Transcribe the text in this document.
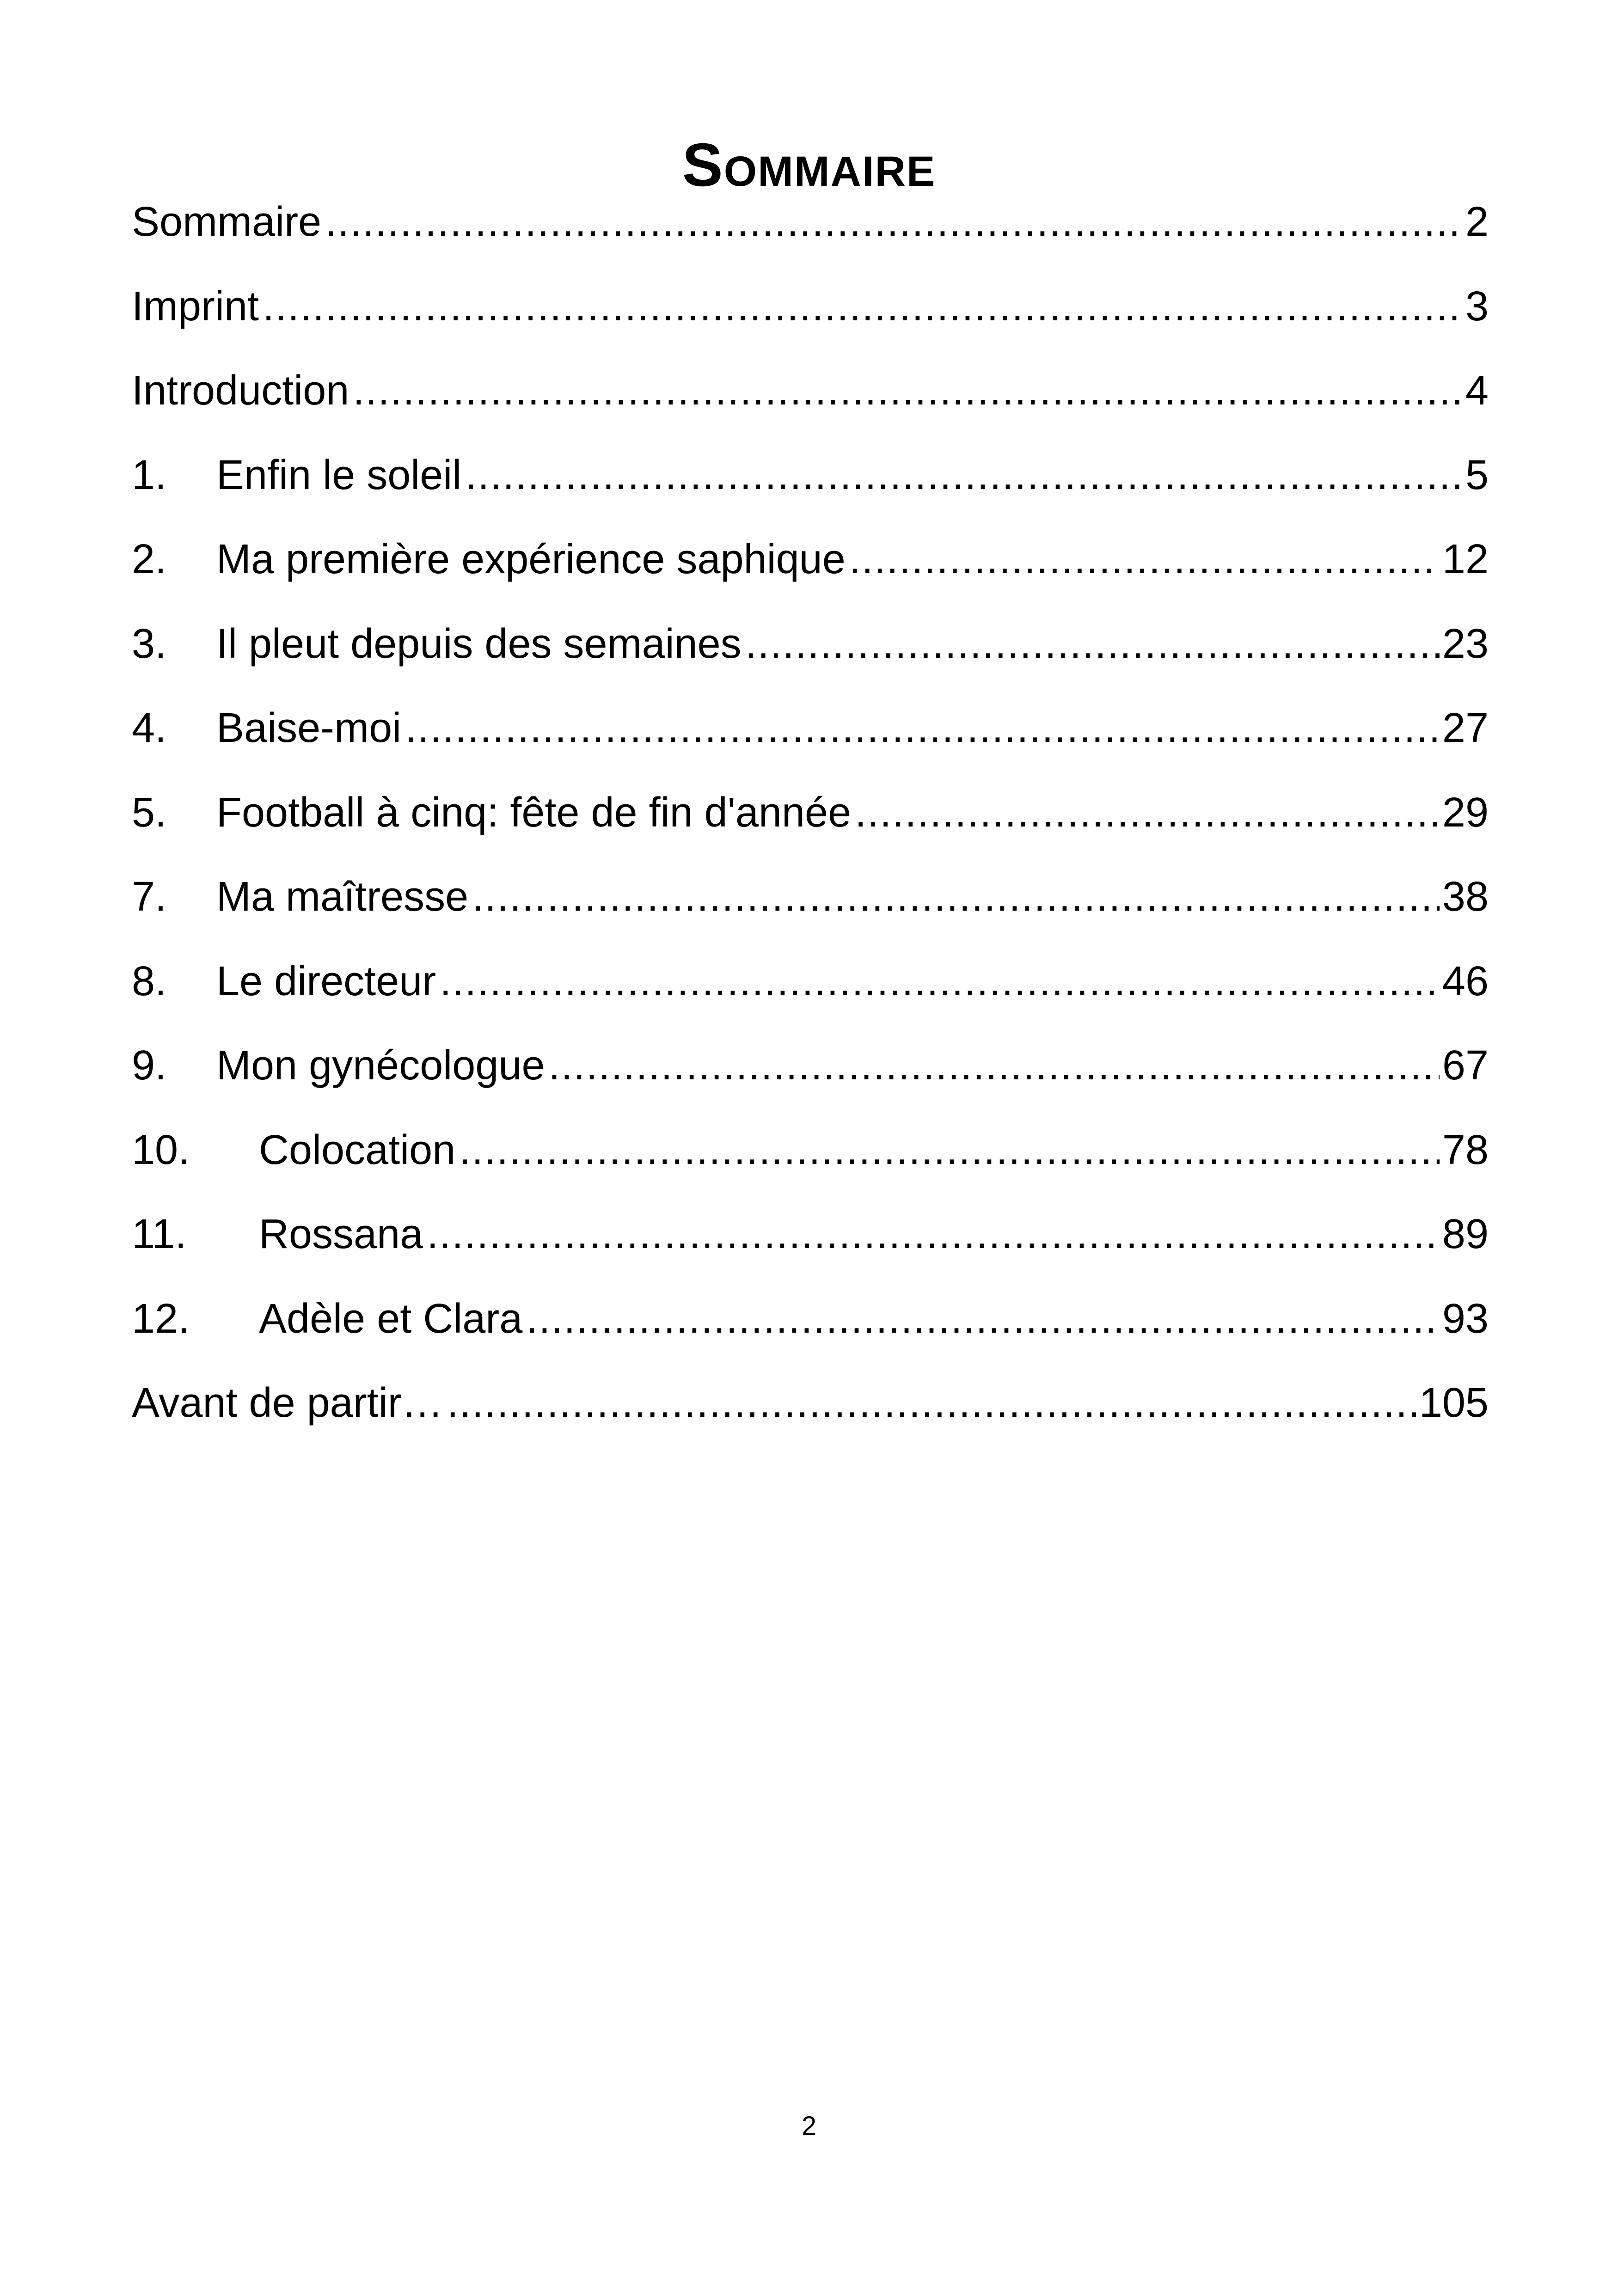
Sommaire
Sommaire .....	2
Imprint .....	3
Introduction .....	4
1.	Enfin le soleil .....	5
2.	Ma première expérience saphique .....	12
3.	Il pleut depuis des semaines .....	23
4.	Baise-moi .....	27
5.	Football à cinq: fête de fin d'année .....	29
7.	Ma maîtresse .....	38
8.	Le directeur .....	46
9.	Mon gynécologue .....	67
10.	Colocation .....	78
11.	Rossana .....	89
12.	Adèle et Clara .....	93
Avant de partir… .....	105
2
